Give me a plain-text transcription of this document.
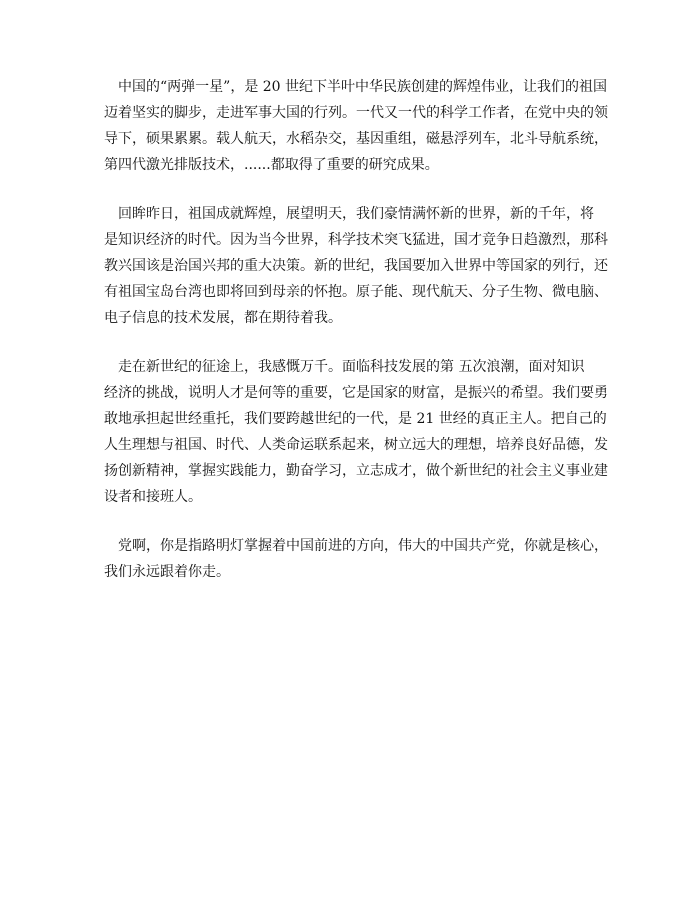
　中国的“两弹一星”，是 20 世纪下半叶中华民族创建的辉煌伟业，让我们的祖国
迈着坚实的脚步，走进军事大国的行列。一代又一代的科学工作者，在党中央的领
导下，硕果累累。载人航天，水稻杂交，基因重组，磁悬浮列车，北斗导航系统，
第四代激光排版技术，......都取得了重要的研究成果。
　回眸昨日，祖国成就辉煌，展望明天，我们豪情满怀新的世界，新的千年，将
是知识经济的时代。因为当今世界，科学技术突飞猛进，国才竞争日趋激烈，那科
教兴国该是治国兴邦的重大决策。新的世纪，我国要加入世界中等国家的列行，还
有祖国宝岛台湾也即将回到母亲的怀抱。原子能、现代航天、分子生物、微电脑、
电子信息的技术发展，都在期待着我。
　走在新世纪的征途上，我感慨万千。面临科技发展的第 五次浪潮，面对知识
经济的挑战，说明人才是何等的重要，它是国家的财富，是振兴的希望。我们要勇
敢地承担起世经重托，我们要跨越世纪的一代，是 21 世经的真正主人。把自己的
人生理想与祖国、时代、人类命运联系起来，树立远大的理想，培养良好品德，发
扬创新精神，掌握实践能力，勤奋学习，立志成才，做个新世纪的社会主义事业建
设者和接班人。
　党啊，你是指路明灯掌握着中国前进的方向，伟大的中国共产党，你就是核心，
我们永远跟着你走。
